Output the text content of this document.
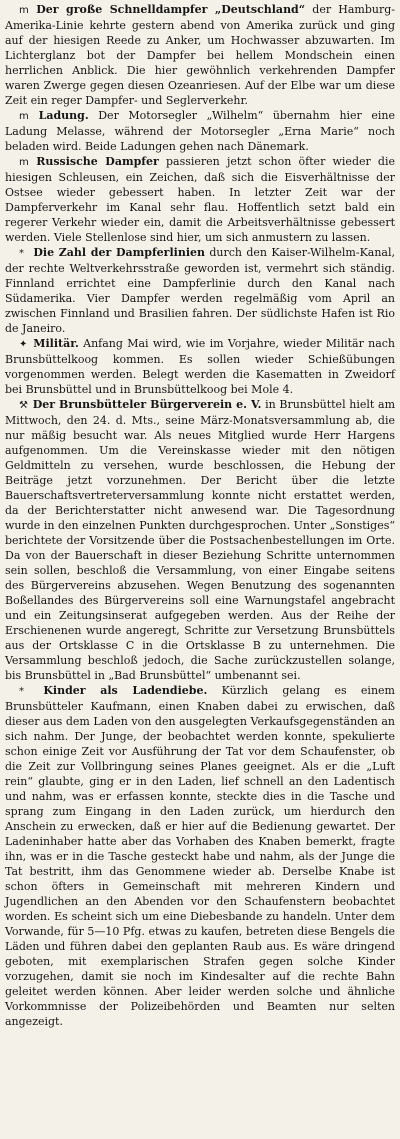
m Der große Schnelldampfer „Deutschland“ der Hamburg-Amerika-Linie kehrte gestern abend von Amerika zurück und ging auf der hiesigen Reede zu Anker, um Hochwasser abzuwarten. Im Lichterglanz bot der Dampfer bei hellem Mondschein einen herrlichen Anblick. Die hier gewöhnlich verkehrenden Dampfer waren Zwerge gegen diesen Ozeanriesen. Auf der Elbe war um diese Zeit ein reger Dampfer- und Seglerverkehr.

m Ladung. Der Motorsegler „Wilhelm“ übernahm hier eine Ladung Melasse, während der Motorsegler „Erna Marie“ noch beladen wird. Beide Ladungen gehen nach Dänemark.

m Russische Dampfer passieren jetzt schon öfter wieder die hiesigen Schleusen, ein Zeichen, daß sich die Eisverhältnisse der Ostsee wieder gebessert haben. In letzter Zeit war der Dampferverkehr im Kanal sehr flau. Hoffentlich setzt bald ein regerer Verkehr wieder ein, damit die Arbeitsverhältnisse gebessert werden. Viele Stellenlose sind hier, um sich anmustern zu lassen.

* Die Zahl der Dampferlinien durch den Kaiser-Wilhelm-Kanal, der rechte Weltverkehrsstraße geworden ist, vermehrt sich ständig. Finnland errichtet eine Dampferlinie durch den Kanal nach Südamerika. Vier Dampfer werden regelmäßig vom April an zwischen Finnland und Brasilien fahren. Der südlichste Hafen ist Rio de Janeiro.

✦ Militär. Anfang Mai wird, wie im Vorjahre, wieder Militär nach Brunsbüttelkoog kommen. Es sollen wieder Schießübungen vorgenommen werden. Belegt werden die Kasematten in Zweidorf bei Brunsbüttel und in Brunsbüttelkoog bei Mole 4.

⚒ Der Brunsbütteler Bürgerverein e. V. in Brunsbüttel hielt am Mittwoch, den 24. d. Mts., seine März-Monatsversammlung ab, die nur mäßig besucht war. Als neues Mitglied wurde Herr Hargens aufgenommen. Um die Vereinskasse wieder mit den nötigen Geldmitteln zu versehen, wurde beschlossen, die Hebung der Beiträge jetzt vorzunehmen. Der Bericht über die letzte Bauerschaftsvertreterversammlung konnte nicht erstattet werden, da der Berichterstatter nicht anwesend war. Die Tagesordnung wurde in den einzelnen Punkten durchgesprochen. Unter „Sonstiges“ berichtete der Vorsitzende über die Postsachenbestellungen im Orte. Da von der Bauerschaft in dieser Beziehung Schritte unternommen sein sollen, beschloß die Versammlung, von einer Eingabe seitens des Bürgervereins abzusehen. Wegen Benutzung des sogenannten Boßellandes des Bürgervereins soll eine Warnungstafel angebracht und ein Zeitungsinserat aufgegeben werden. Aus der Reihe der Erschienenen wurde angeregt, Schritte zur Versetzung Brunsbüttels aus der Ortsklasse C in die Ortsklasse B zu unternehmen. Die Versammlung beschloß jedoch, die Sache zurückzustellen solange, bis Brunsbüttel in „Bad Brunsbüttel“ umbenannt sei.

* Kinder als Ladendiebe. Kürzlich gelang es einem Brunsbütteler Kaufmann, einen Knaben dabei zu erwischen, daß dieser aus dem Laden von den ausgelegten Verkaufsgegenständen an sich nahm. Der Junge, der beobachtet werden konnte, spekulierte schon einige Zeit vor Ausführung der Tat vor dem Schaufenster, ob die Zeit zur Vollbringung seines Planes geeignet. Als er die „Luft rein“ glaubte, ging er in den Laden, lief schnell an den Ladentisch und nahm, was er erfassen konnte, steckte dies in die Tasche und sprang zum Eingang in den Laden zurück, um hierdurch den Anschein zu erwecken, daß er hier auf die Bedienung gewartet. Der Ladeninhaber hatte aber das Vorhaben des Knaben bemerkt, fragte ihn, was er in die Tasche gesteckt habe und nahm, als der Junge die Tat bestritt, ihm das Genommene wieder ab. Derselbe Knabe ist schon öfters in Gemeinschaft mit mehreren Kindern und Jugendlichen an den Abenden vor den Schaufenstern beobachtet worden. Es scheint sich um eine Diebesbande zu handeln. Unter dem Vorwande, für 5—10 Pfg. etwas zu kaufen, betreten diese Bengels die Läden und führen dabei den geplanten Raub aus. Es wäre dringend geboten, mit exemplarischen Strafen gegen solche Kinder vorzugehen, damit sie noch im Kindesalter auf die rechte Bahn geleitet werden können. Aber leider werden solche und ähnliche Vorkommnisse der Polizeibehörden und Beamten nur selten angezeigt.
